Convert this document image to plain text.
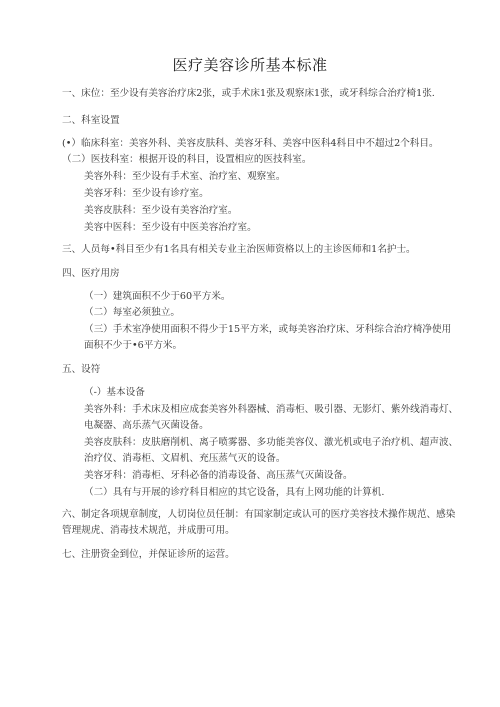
医疗美容诊所基本标准
一、床位：至少设有美容治疗床2张，或手术床1张及观察床1张，或牙科综合治疗椅1张.
二、科室设置
(•）临床科室：美容外科、美容皮肤科、美容牙科、美容中医科4科目中不超过2个科目。
（二）医技科室：根据开设的科目，设置相应的医技科室。
美容外科：至少设有手术室、治疗室、观察室。
美容牙科：至少设有诊疗室。
美容皮肤科：至少设有美容治疗室。
美容中医科：至少设有中医美容治疗室。
三、人员每•科目至少有1名具有相关专业主治医师资格以上的主诊医师和1名护士。
四、医疗用房
（一）建筑面积不少于60平方米。
（二）每室必须独立。
（三）手术室净使用面积不得少于15平方米，或每美容治疗床、牙科综合治疗椅净使用
面积不少于•6平方米。
五、设符
（-）基本设备
美容外科：手术床及相应成套美容外科器械、消毒柜、吸引器、无影灯、紫外线消毒灯、
电凝器、高乐蒸气灭菌设备。
美容皮肤科：皮肤磨削机、离子喷雾器、多功能美容仪、激光机或电子治疗机、超声波、
治疗仪、消毒柜、文眉机、充压蒸气灭的设备。
美容牙科：消毒柜、牙科必备的消毒设备、高压蒸气灭菌设备。
（二）具有与开展的诊疗科目相应的其它设备，具有上网功能的计算机.
六、制定各项规章制度，人切岗位员任制：有国家制定或认可的医疗美容技术操作规范、感染
管理规虎、消毒技术规范，并成册可用。
七、注册资金到位，并保证诊所的运营。
